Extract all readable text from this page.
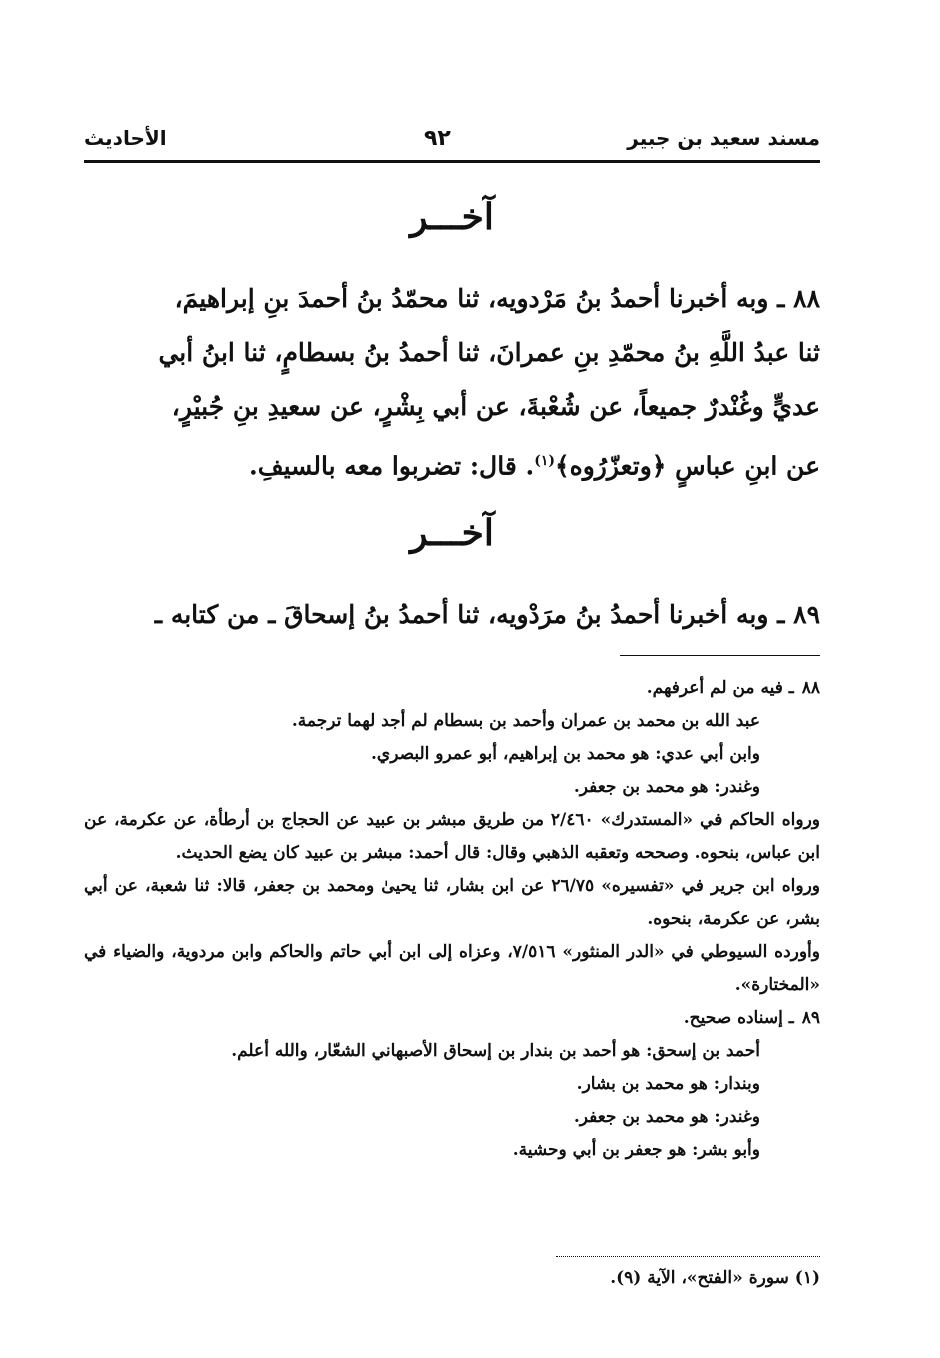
مسند سعيد بن جبير
٩٢
الأحاديث
آخـــر

٨٨ ـ وبه أخبرنا أحمدُ بنُ مَرْدويه، ثنا محمّدُ بنُ أحمدَ بنِ إبراهيمَ،

ثنا عبدُ اللَّهِ بنُ محمّدِ بنِ عمرانَ، ثنا أحمدُ بنُ بسطامٍ، ثنا ابنُ أبي

عديٍّ وغُنْدرٌ جميعاً، عن شُعْبةَ، عن أبي بِشْرٍ، عن سعيدِ بنِ جُبيْرٍ،

عن ابنِ عباسٍ ﴿وتعزّرُوه﴾$^{(١)}$. قال: تضربوا معه بالسيفِ.

آخـــر

٨٩ ـ وبه أخبرنا أحمدُ بنُ مرَدْويه، ثنا أحمدُ بنُ إسحاقَ ـ من كتابه ـ

٨٨ـ فيه من لم أعرفهم.
عبد الله بن محمد بن عمران وأحمد بن بسطام لم أجد لهما ترجمة.
وابن أبي عدي: هو محمد بن إبراهيم، أبو عمرو البصري.
وغندر: هو محمد بن جعفر.
ورواه الحاكم في «المستدرك» ٢/٤٦٠ من طريق مبشر بن عبيد عن الحجاج بن أرطأة، عن عكرمة، عن ابن عباس، بنحوه. وصححه وتعقبه الذهبي وقال: قال أحمد: مبشر بن عبيد كان يضع الحديث.
ورواه ابن جرير في «تفسيره» ٢٦/٧٥ عن ابن بشار، ثنا يحيىٰ ومحمد بن جعفر، قالا: ثنا شعبة، عن أبي بشر، عن عكرمة، بنحوه.
وأورده السيوطي في «الدر المنثور» ٧/٥١٦، وعزاه إلى ابن أبي حاتم والحاكم وابن مردوية، والضياء في «المختارة».
٨٩ـ إسناده صحيح.
أحمد بن إسحق: هو أحمد بن بندار بن إسحاق الأصبهاني الشعّار، والله أعلم.
وبندار: هو محمد بن بشار.
وغندر: هو محمد بن جعفر.
وأبو بشر: هو جعفر بن أبي وحشية.
(١) سورة «الفتح»، الآية (٩).
